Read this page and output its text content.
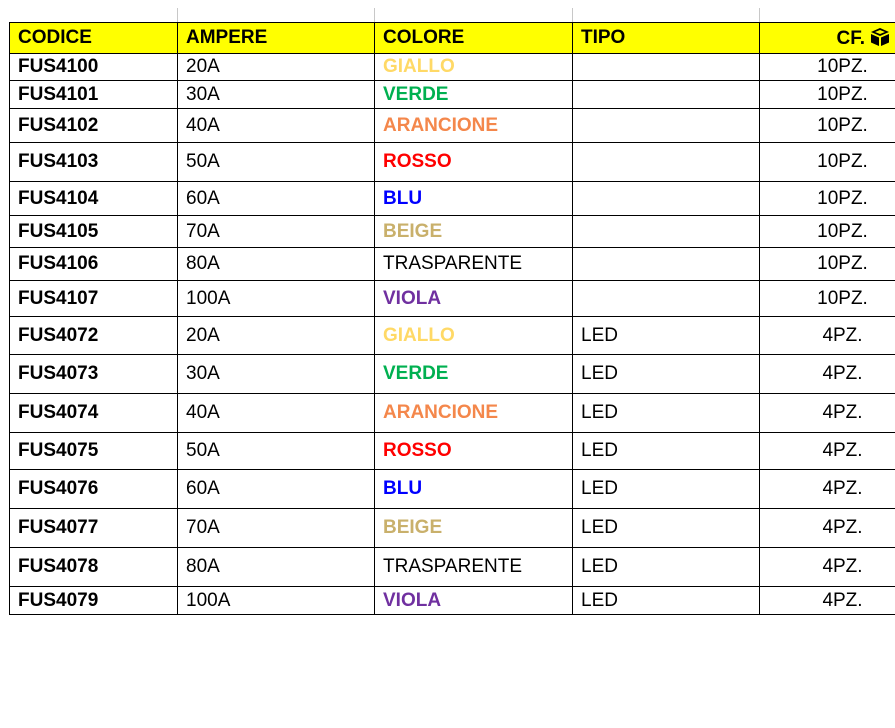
CODICE	AMPERE	COLORE	TIPO	CF.
FUS4100	20A	GIALLO		10PZ.
FUS4101	30A	VERDE		10PZ.
FUS4102	40A	ARANCIONE		10PZ.
FUS4103	50A	ROSSO		10PZ.
FUS4104	60A	BLU		10PZ.
FUS4105	70A	BEIGE		10PZ.
FUS4106	80A	TRASPARENTE		10PZ.
FUS4107	100A	VIOLA		10PZ.
FUS4072	20A	GIALLO	LED	4PZ.
FUS4073	30A	VERDE	LED	4PZ.
FUS4074	40A	ARANCIONE	LED	4PZ.
FUS4075	50A	ROSSO	LED	4PZ.
FUS4076	60A	BLU	LED	4PZ.
FUS4077	70A	BEIGE	LED	4PZ.
FUS4078	80A	TRASPARENTE	LED	4PZ.
FUS4079	100A	VIOLA	LED	4PZ.
